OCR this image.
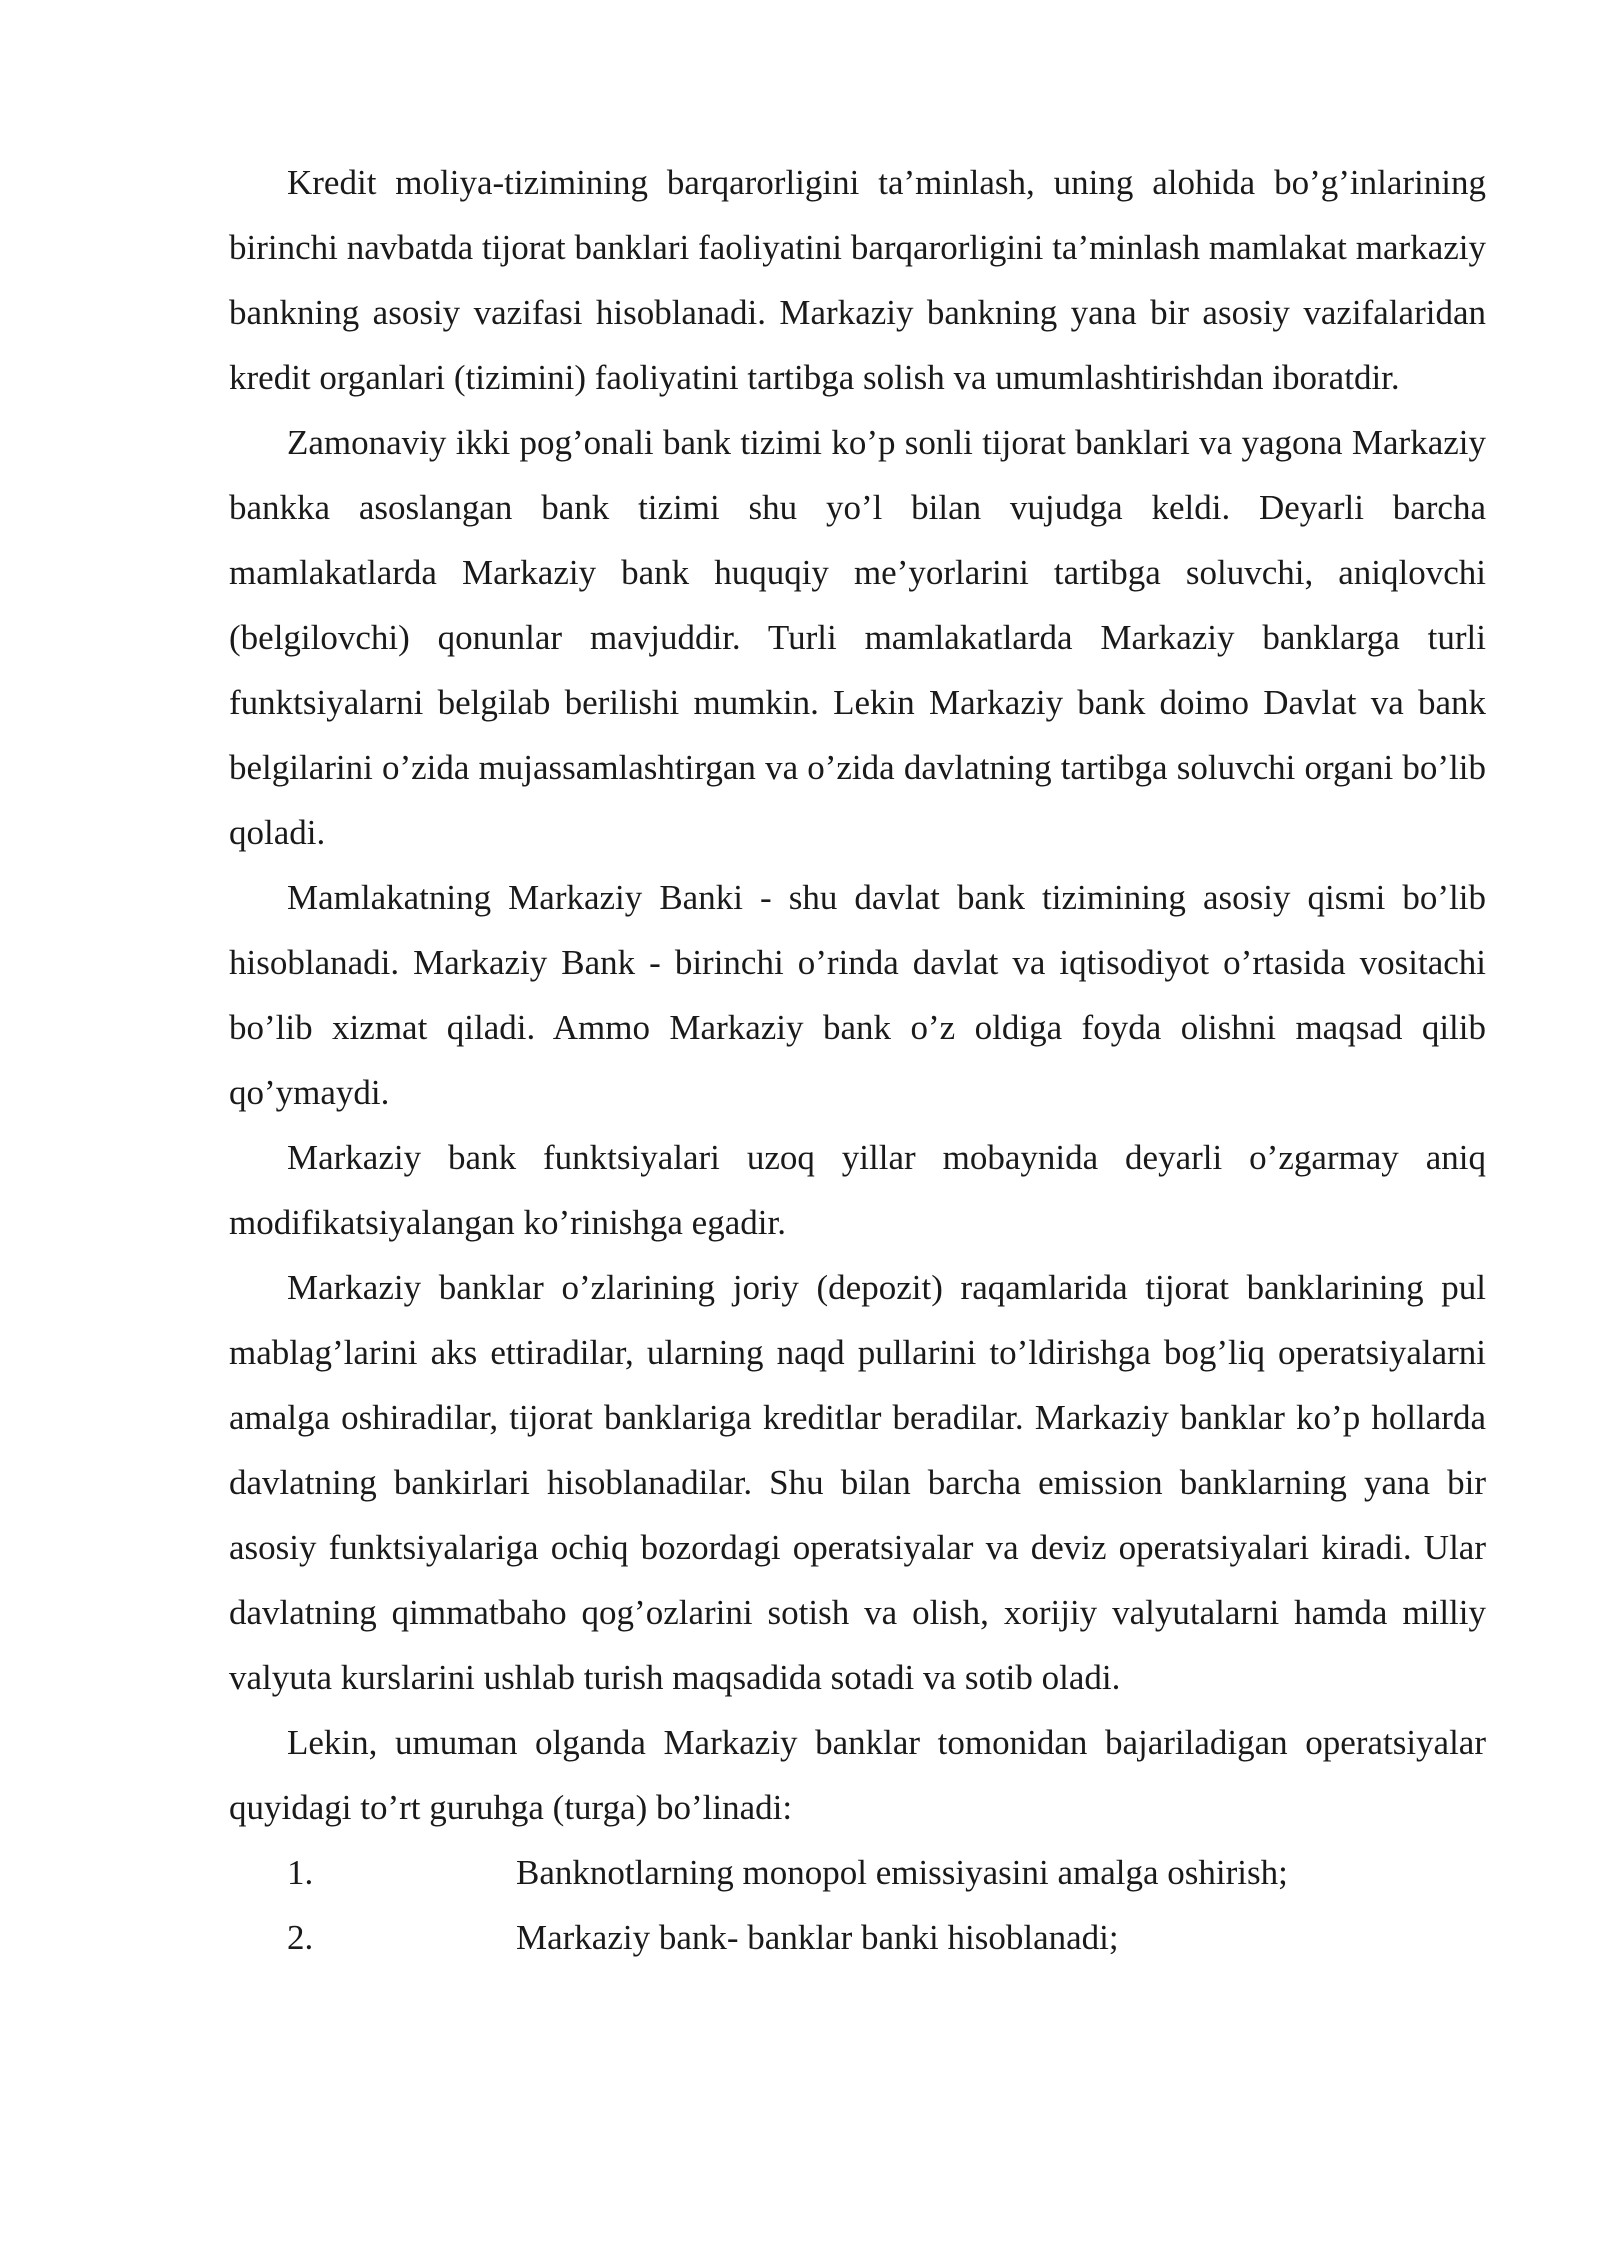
Kredit moliya-tizimining barqarorligini ta’minlash, uning alohida bo’g’inlarining birinchi navbatda tijorat banklari faoliyatini barqarorligini ta’minlash mamlakat markaziy bankning asosiy vazifasi hisoblanadi. Markaziy bankning yana bir asosiy vazifalaridan kredit organlari (tizimini) faoliyatini tartibga solish va umumlashtirishdan iboratdir.

Zamonaviy ikki pog’onali bank tizimi ko’p sonli tijorat banklari va yagona Markaziy bankka asoslangan bank tizimi shu yo’l bilan vujudga keldi. Deyarli barcha mamlakatlarda Markaziy bank huquqiy me’yorlarini tartibga soluvchi, aniqlovchi (belgilovchi) qonunlar mavjuddir. Turli mamlakatlarda Markaziy banklarga turli funktsiyalarni belgilab berilishi mumkin. Lekin Markaziy bank doimo Davlat va bank belgilarini o’zida mujassamlashtirgan va o’zida davlatning tartibga soluvchi organi bo’lib qoladi.

Mamlakatning Markaziy Banki - shu davlat bank tizimining asosiy qismi bo’lib hisoblanadi. Markaziy Bank - birinchi o’rinda davlat va iqtisodiyot o’rtasida vositachi bo’lib xizmat qiladi. Ammo Markaziy bank o’z oldiga foyda olishni maqsad qilib qo’ymaydi.

Markaziy bank funktsiyalari uzoq yillar mobaynida deyarli o’zgarmay aniq modifikatsiyalangan ko’rinishga egadir.

Markaziy banklar o’zlarining joriy (depozit) raqamlarida tijorat banklarining pul mablag’larini aks ettiradilar, ularning naqd pullarini to’ldirishga bog’liq operatsiyalarni amalga oshiradilar, tijorat banklariga kreditlar beradilar. Markaziy banklar ko’p hollarda davlatning bankirlari hisoblanadilar. Shu bilan barcha emission banklarning yana bir asosiy funktsiyalariga ochiq bozordagi operatsiyalar va deviz operatsiyalari kiradi. Ular davlatning qimmatbaho qog’ozlarini sotish va olish, xorijiy valyutalarni hamda milliy valyuta kurslarini ushlab turish maqsadida sotadi va sotib oladi.

Lekin, umuman olganda Markaziy banklar tomonidan bajariladigan operatsiyalar quyidagi to’rt guruhga (turga) bo’linadi:

1.	Banknotlarning monopol emissiyasini amalga oshirish;
2.	Markaziy bank- banklar banki hisoblanadi;
